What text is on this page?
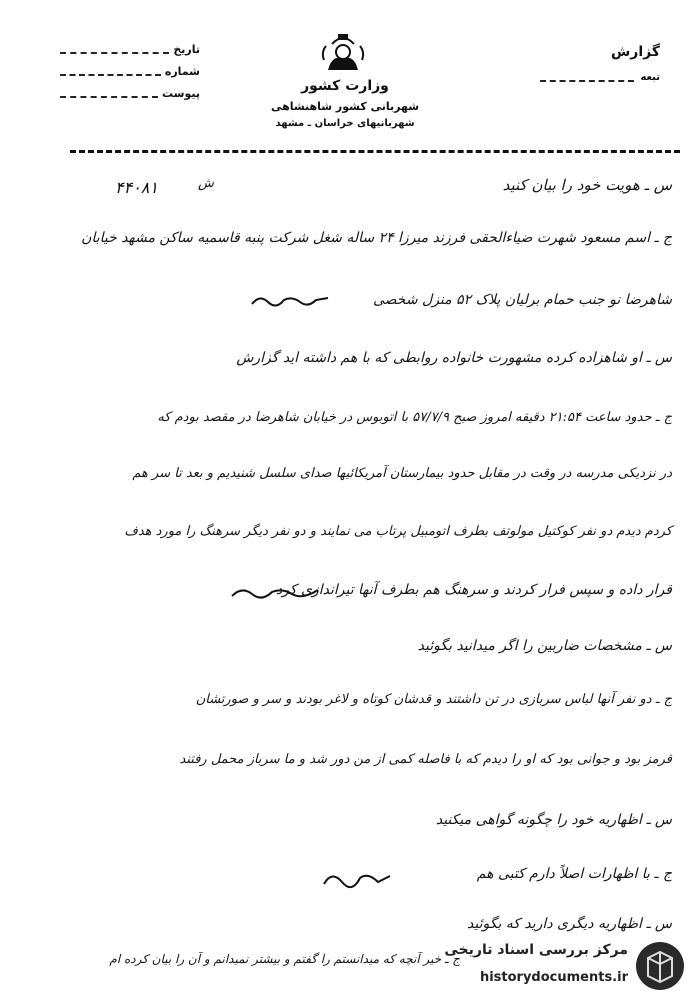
تاریخ
شماره
پیوست	وزارت کشور
شهربانی کشور شاهنشاهی
شهربانیهای خراسان ـ مشهد
گزارش
تبعه
۴۴۰۸۱	ش	س ـ هویت خود را بیان کنید
ج ـ اسم مسعود شهرت ضیاءالحقی فرزند میرزا ۲۴ ساله شغل شرکت پنبه قاسمیه ساکن مشهد خیابان
شاهرضا نو جنب حمام برلیان پلاک ۵۲ منزل شخصی
س ـ او شاهزاده کرده مشهورت خانواده روابطی که با هم داشته اید گزارش
ج ـ حدود ساعت ۲۱:۵۴ دقیقه امروز صبح ۵۷/۷/۹ با اتوبوس در خیابان شاهرضا در مقصد بودم که
در نزدیکی مدرسه در وقت در مقابل حدود بیمارستان آمریکائیها صدای سلسل شنیدیم و بعد تا سر هم
کردم دیدم دو نفر کوکتیل مولوتف بطرف اتومبیل پرتاب می نمایند و دو نفر دیگر سرهنگ را مورد هدف
قرار داده و سپس فرار کردند و سرهنگ هم بطرف آنها تیراندازی کرد
س ـ مشخصات ضاربین را اگر میدانید بگوئید
ج ـ دو نفر آنها لباس سربازی در تن داشتند و قدشان کوتاه و لاغر بودند و سر و صورتشان
قرمز بود و جوانی بود که او را دیدم که با فاصله کمی از من دور شد و ما سرباز محمل رفتند
س ـ اظهاریه خود را چگونه گواهی میکنید
ج ـ با اظهارات اصلاً دارم کتبی هم
س ـ اظهاریه دیگری دارید که بگوئید
ج ـ خیر آنچه که میدانستم را گفتم و بیشتر نمیدانم و آن را بیان کرده ام
مرکز بررسی اسناد تاریخی
historydocuments.ir
